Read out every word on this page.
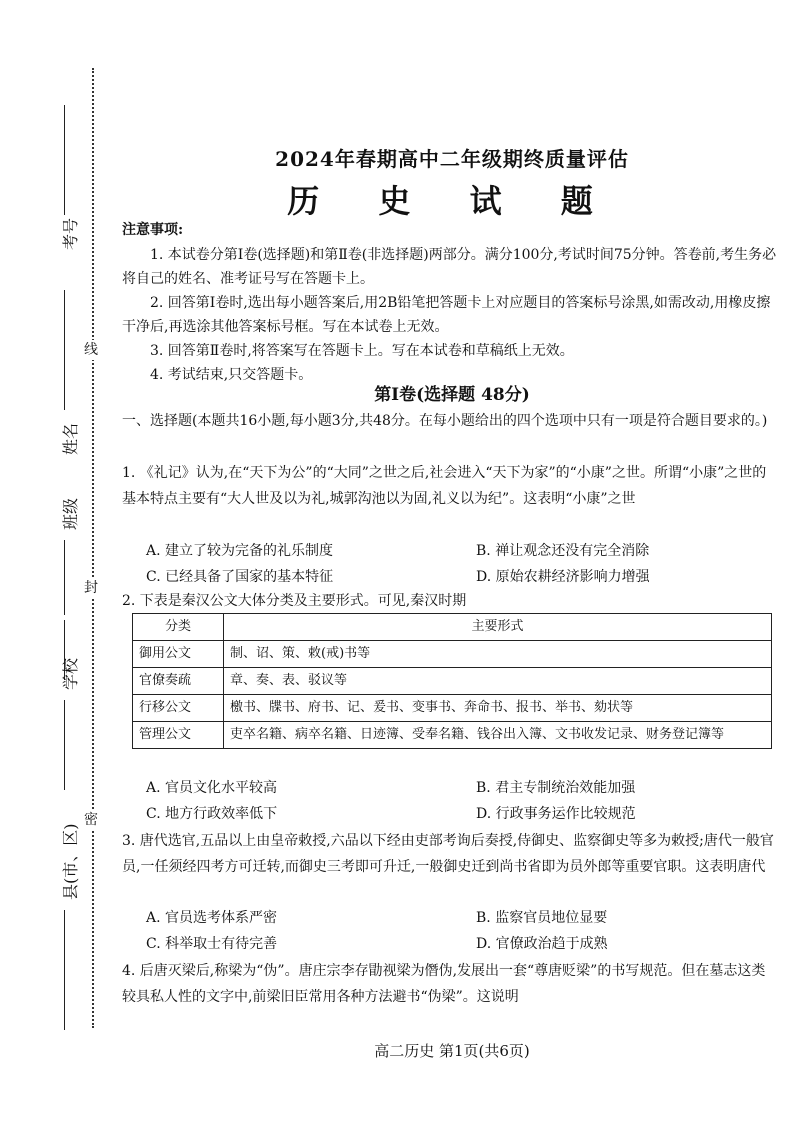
线
封
密
考号
姓名
班级
学校
县(市、区)
2024年春期高中二年级期终质量评估
历 史 试 题
注意事项:
1. 本试卷分第Ⅰ卷(选择题)和第Ⅱ卷(非选择题)两部分。满分100分,考试时间75分钟。答卷前,考生务必将自己的姓名、准考证号写在答题卡上。
2. 回答第Ⅰ卷时,选出每小题答案后,用2B铅笔把答题卡上对应题目的答案标号涂黑,如需改动,用橡皮擦干净后,再选涂其他答案标号框。写在本试卷上无效。
3. 回答第Ⅱ卷时,将答案写在答题卡上。写在本试卷和草稿纸上无效。
4. 考试结束,只交答题卡。
第Ⅰ卷(选择题 48分)
一、选择题(本题共16小题,每小题3分,共48分。在每小题给出的四个选项中只有一项是符合题目要求的。)
1. 《礼记》认为,在“天下为公”的“大同”之世之后,社会进入“天下为家”的“小康”之世。所谓“小康”之世的基本特点主要有“大人世及以为礼,城郭沟池以为固,礼义以为纪”。这表明“小康”之世
A. 建立了较为完备的礼乐制度	B. 禅让观念还没有完全消除
C. 已经具备了国家的基本特征	D. 原始农耕经济影响力增强
2. 下表是秦汉公文大体分类及主要形式。可见,秦汉时期
分类	主要形式
御用公文	制、诏、策、敕(戒)书等
官僚奏疏	章、奏、表、驳议等
行移公文	檄书、牒书、府书、记、爰书、变事书、奔命书、报书、举书、劾状等
管理公文	吏卒名籍、病卒名籍、日迹簿、受奉名籍、钱谷出入簿、文书收发记录、财务登记簿等
A. 官员文化水平较高	B. 君主专制统治效能加强
C. 地方行政效率低下	D. 行政事务运作比较规范
3. 唐代选官,五品以上由皇帝敕授,六品以下经由吏部考询后奏授,侍御史、监察御史等多为敕授;唐代一般官员,一任须经四考方可迁转,而御史三考即可升迁,一般御史迁到尚书省即为员外郎等重要官职。这表明唐代
A. 官员选考体系严密	B. 监察官员地位显要
C. 科举取士有待完善	D. 官僚政治趋于成熟
4. 后唐灭梁后,称梁为“伪”。唐庄宗李存勖视梁为僭伪,发展出一套“尊唐贬梁”的书写规范。但在墓志这类较具私人性的文字中,前梁旧臣常用各种方法避书“伪梁”。这说明
高二历史 第1页(共6页)
